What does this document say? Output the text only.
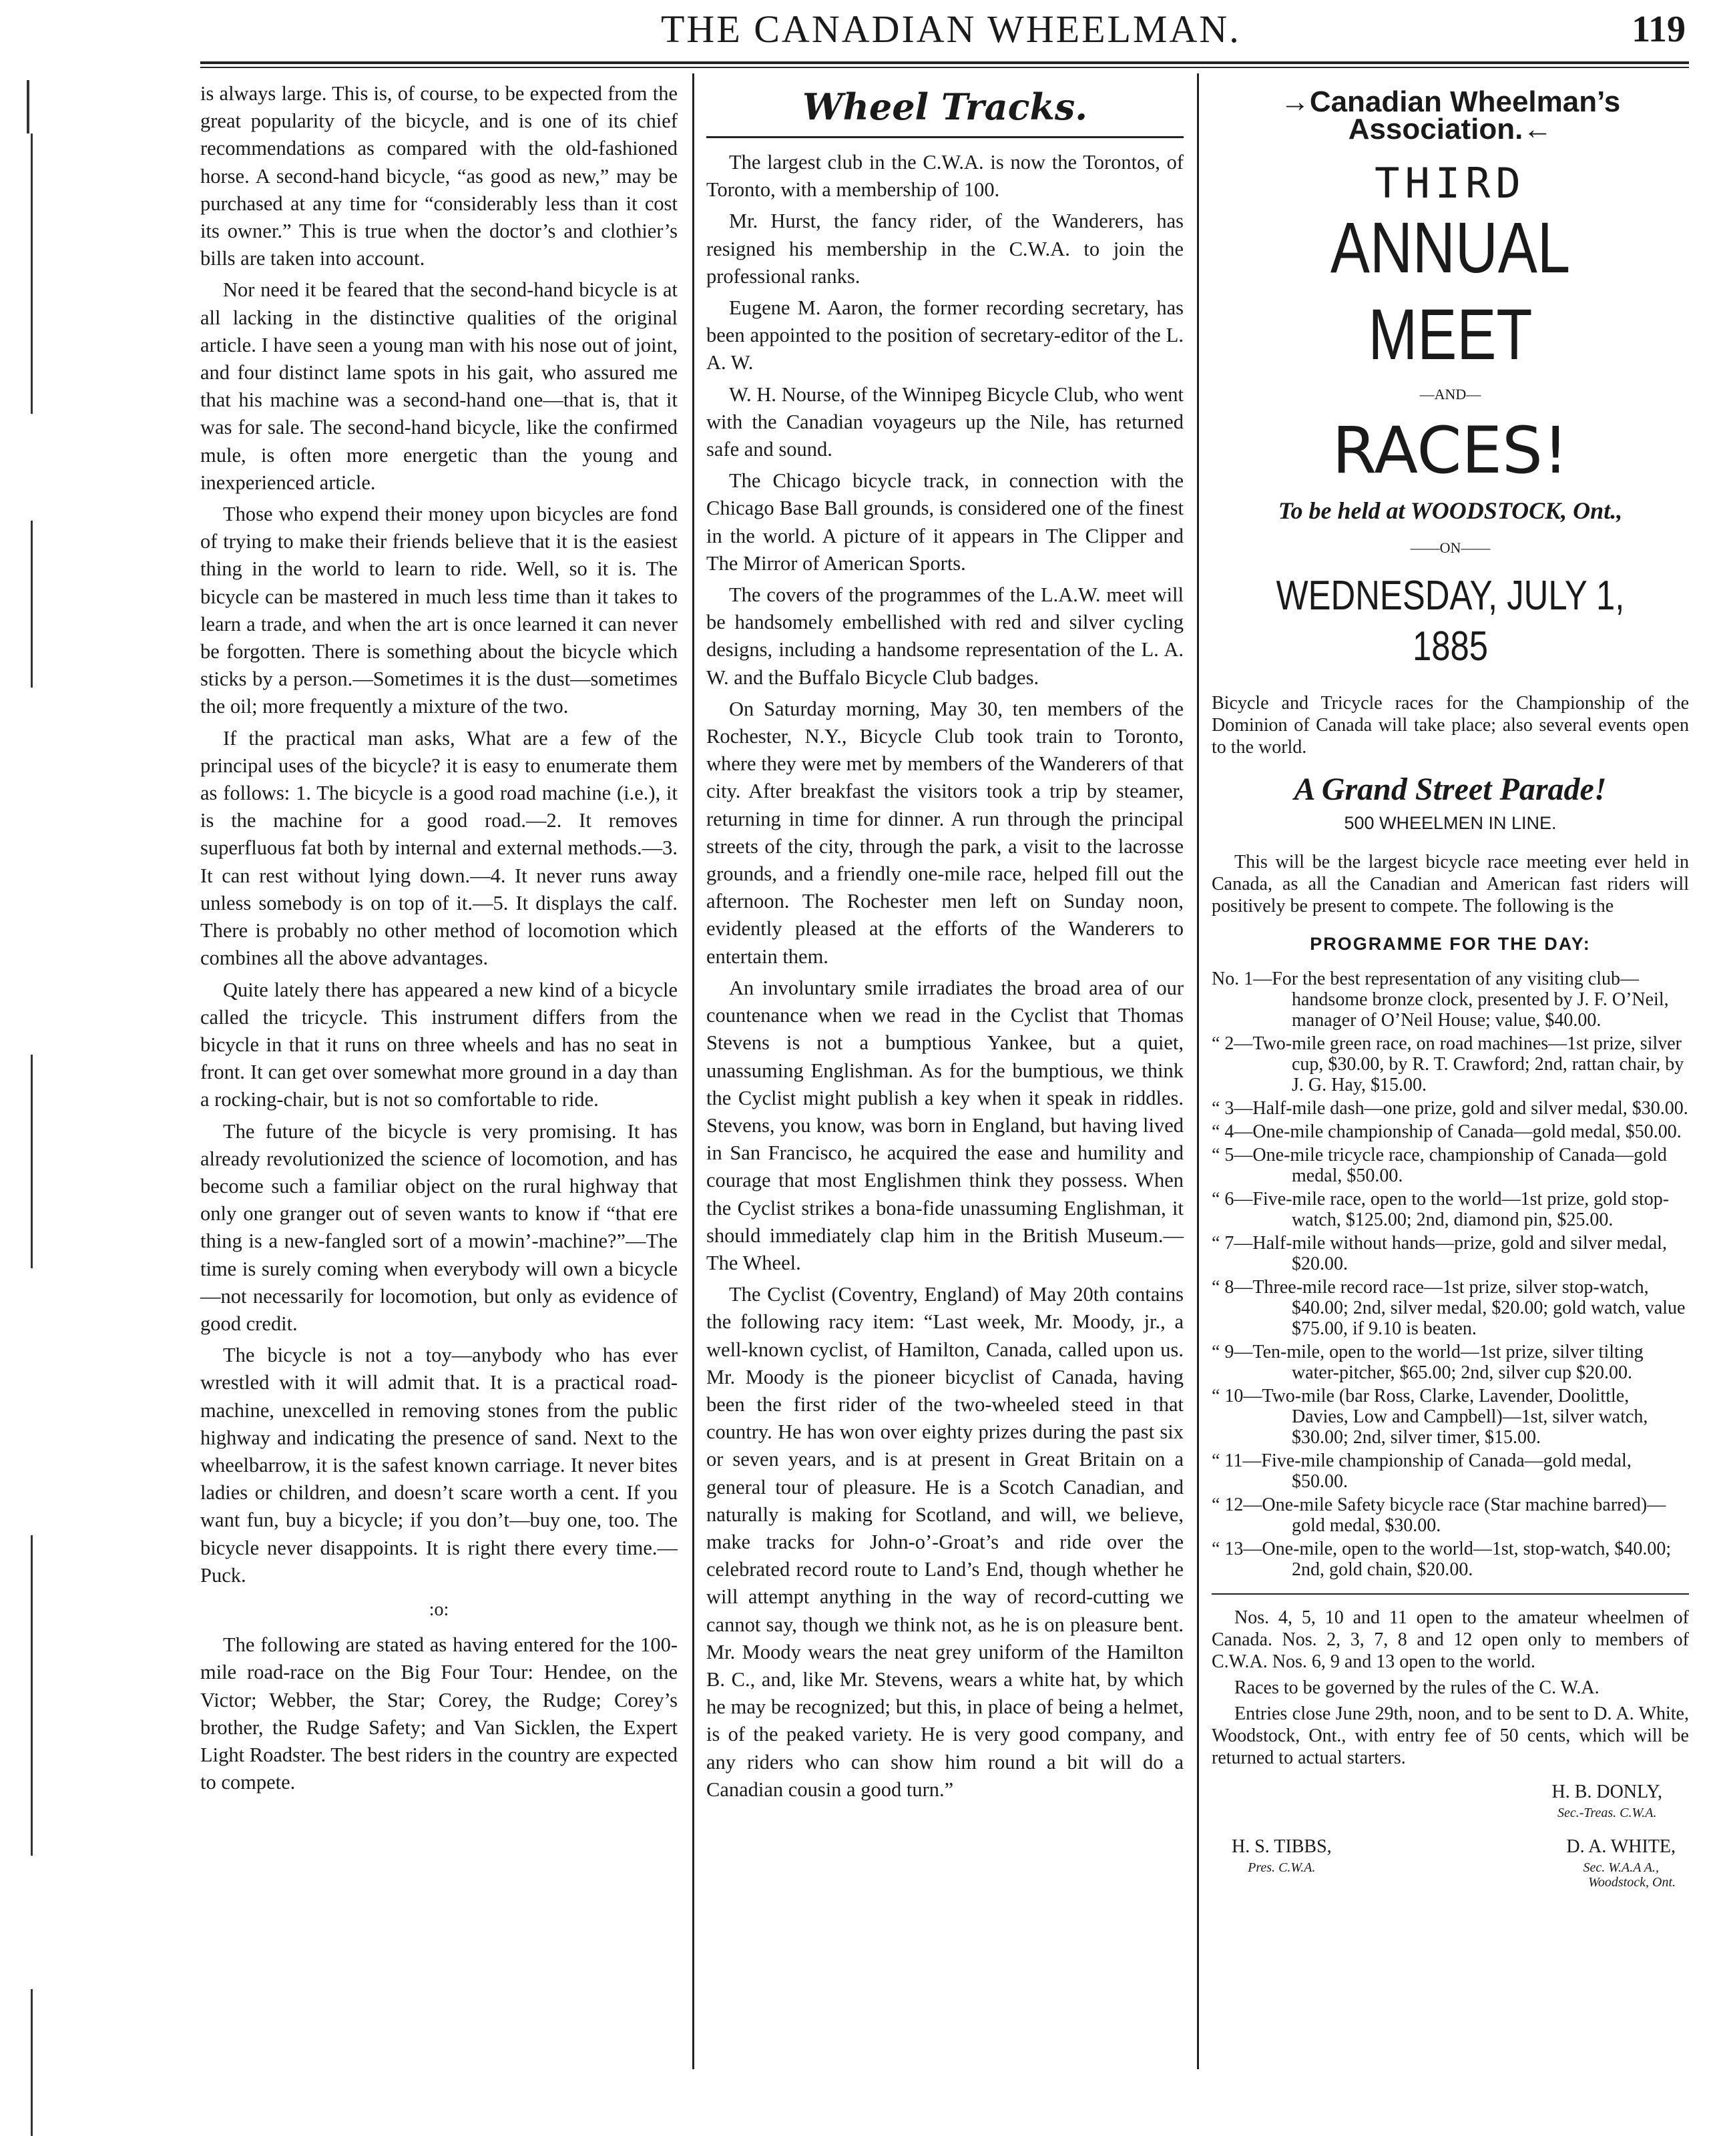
THE CANADIAN WHEELMAN.	119

is always large. This is, of course, to be expected from the great popularity of the bicycle, and is one of its chief recommendations as compared with the old-fashioned horse. A second-hand bicycle, “as good as new,” may be purchased at any time for “considerably less than it cost its owner.” This is true when the doctor’s and clothier’s bills are taken into account.

Nor need it be feared that the second-hand bicycle is at all lacking in the distinctive qualities of the original article. I have seen a young man with his nose out of joint, and four distinct lame spots in his gait, who assured me that his machine was a second-hand one—that is, that it was for sale. The second-hand bicycle, like the confirmed mule, is often more energetic than the young and inexperienced article.

Those who expend their money upon bicycles are fond of trying to make their friends believe that it is the easiest thing in the world to learn to ride. Well, so it is. The bicycle can be mastered in much less time than it takes to learn a trade, and when the art is once learned it can never be forgotten. There is something about the bicycle which sticks by a person.—Sometimes it is the dust—sometimes the oil; more frequently a mixture of the two.

If the practical man asks, What are a few of the principal uses of the bicycle? it is easy to enumerate them as follows: 1. The bicycle is a good road machine (i.e.), it is the machine for a good road.—2. It removes superfluous fat both by internal and external methods.—3. It can rest without lying down.—4. It never runs away unless somebody is on top of it.—5. It displays the calf. There is probably no other method of locomotion which combines all the above advantages.

Quite lately there has appeared a new kind of a bicycle called the tricycle. This instrument differs from the bicycle in that it runs on three wheels and has no seat in front. It can get over somewhat more ground in a day than a rocking-chair, but is not so comfortable to ride.

The future of the bicycle is very promising. It has already revolutionized the science of locomotion, and has become such a familiar object on the rural highway that only one granger out of seven wants to know if “that ere thing is a new-fangled sort of a mowin’-machine?”—The time is surely coming when everybody will own a bicycle—not necessarily for locomotion, but only as evidence of good credit.

The bicycle is not a toy—anybody who has ever wrestled with it will admit that. It is a practical road-machine, unexcelled in removing stones from the public highway and indicating the presence of sand. Next to the wheelbarrow, it is the safest known carriage. It never bites ladies or children, and doesn’t scare worth a cent. If you want fun, buy a bicycle; if you don’t—buy one, too. The bicycle never disappoints. It is right there every time.—Puck.

:o:

The following are stated as having entered for the 100-mile road-race on the Big Four Tour: Hendee, on the Victor; Webber, the Star; Corey, the Rudge; Corey’s brother, the Rudge Safety; and Van Sicklen, the Expert Light Roadster. The best riders in the country are expected to compete.

Wheel Tracks.

The largest club in the C.W.A. is now the Torontos, of Toronto, with a membership of 100.

Mr. Hurst, the fancy rider, of the Wanderers, has resigned his membership in the C.W.A. to join the professional ranks.

Eugene M. Aaron, the former recording secretary, has been appointed to the position of secretary-editor of the L. A. W.

W. H. Nourse, of the Winnipeg Bicycle Club, who went with the Canadian voyageurs up the Nile, has returned safe and sound.

The Chicago bicycle track, in connection with the Chicago Base Ball grounds, is considered one of the finest in the world. A picture of it appears in The Clipper and The Mirror of American Sports.

The covers of the programmes of the L.A.W. meet will be handsomely embellished with red and silver cycling designs, including a handsome representation of the L. A. W. and the Buffalo Bicycle Club badges.

On Saturday morning, May 30, ten members of the Rochester, N.Y., Bicycle Club took train to Toronto, where they were met by members of the Wanderers of that city. After breakfast the visitors took a trip by steamer, returning in time for dinner. A run through the principal streets of the city, through the park, a visit to the lacrosse grounds, and a friendly one-mile race, helped fill out the afternoon. The Rochester men left on Sunday noon, evidently pleased at the efforts of the Wanderers to entertain them.

An involuntary smile irradiates the broad area of our countenance when we read in the Cyclist that Thomas Stevens is not a bumptious Yankee, but a quiet, unassuming Englishman. As for the bumptious, we think the Cyclist might publish a key when it speak in riddles. Stevens, you know, was born in England, but having lived in San Francisco, he acquired the ease and humility and courage that most Englishmen think they possess. When the Cyclist strikes a bona-fide unassuming Englishman, it should immediately clap him in the British Museum.—The Wheel.

The Cyclist (Coventry, England) of May 20th contains the following racy item: “Last week, Mr. Moody, jr., a well-known cyclist, of Hamilton, Canada, called upon us. Mr. Moody is the pioneer bicyclist of Canada, having been the first rider of the two-wheeled steed in that country. He has won over eighty prizes during the past six or seven years, and is at present in Great Britain on a general tour of pleasure. He is a Scotch Canadian, and naturally is making for Scotland, and will, we believe, make tracks for John-o’-Groat’s and ride over the celebrated record route to Land’s End, though whether he will attempt anything in the way of record-cutting we cannot say, though we think not, as he is on pleasure bent. Mr. Moody wears the neat grey uniform of the Hamilton B. C., and, like Mr. Stevens, wears a white hat, by which he may be recognized; but this, in place of being a helmet, is of the peaked variety. He is very good company, and any riders who can show him round a bit will do a Canadian cousin a good turn.”

→Canadian Wheelman’s Association.←
THIRD
ANNUAL MEET
—AND—
RACES!
To be held at WOODSTOCK, Ont.,
——ON——
WEDNESDAY, JULY 1, 1885

Bicycle and Tricycle races for the Championship of the Dominion of Canada will take place; also several events open to the world.

A Grand Street Parade!
500 WHEELMEN IN LINE.

This will be the largest bicycle race meeting ever held in Canada, as all the Canadian and American fast riders will positively be present to compete. The following is the

PROGRAMME FOR THE DAY:
No. 1—For the best representation of any visiting club—handsome bronze clock, presented by J. F. O’Neil, manager of O’Neil House; value, $40.00.
“ 2—Two-mile green race, on road machines—1st prize, silver cup, $30.00, by R. T. Crawford; 2nd, rattan chair, by J. G. Hay, $15.00.
“ 3—Half-mile dash—one prize, gold and silver medal, $30.00.
“ 4—One-mile championship of Canada—gold medal, $50.00.
“ 5—One-mile tricycle race, championship of Canada—gold medal, $50.00.
“ 6—Five-mile race, open to the world—1st prize, gold stop-watch, $125.00; 2nd, diamond pin, $25.00.
“ 7—Half-mile without hands—prize, gold and silver medal, $20.00.
“ 8—Three-mile record race—1st prize, silver stop-watch, $40.00; 2nd, silver medal, $20.00; gold watch, value $75.00, if 9.10 is beaten.
“ 9—Ten-mile, open to the world—1st prize, silver tilting water-pitcher, $65.00; 2nd, silver cup $20.00.
“ 10—Two-mile (bar Ross, Clarke, Lavender, Doolittle, Davies, Low and Campbell)—1st, silver watch, $30.00; 2nd, silver timer, $15.00.
“ 11—Five-mile championship of Canada—gold medal, $50.00.
“ 12—One-mile Safety bicycle race (Star machine barred)—gold medal, $30.00.
“ 13—One-mile, open to the world—1st, stop-watch, $40.00; 2nd, gold chain, $20.00.

Nos. 4, 5, 10 and 11 open to the amateur wheelmen of Canada. Nos. 2, 3, 7, 8 and 12 open only to members of C.W.A. Nos. 6, 9 and 13 open to the world.

Races to be governed by the rules of the C. W.A.

Entries close June 29th, noon, and to be sent to D. A. White, Woodstock, Ont., with entry fee of 50 cents, which will be returned to actual starters.

H. B. DONLY,
Sec.-Treas. C.W.A.
H. S. TIBBS,
Pres. C.W.A.
D. A. WHITE,
Sec. W.A.A A.,
Woodstock, Ont.
